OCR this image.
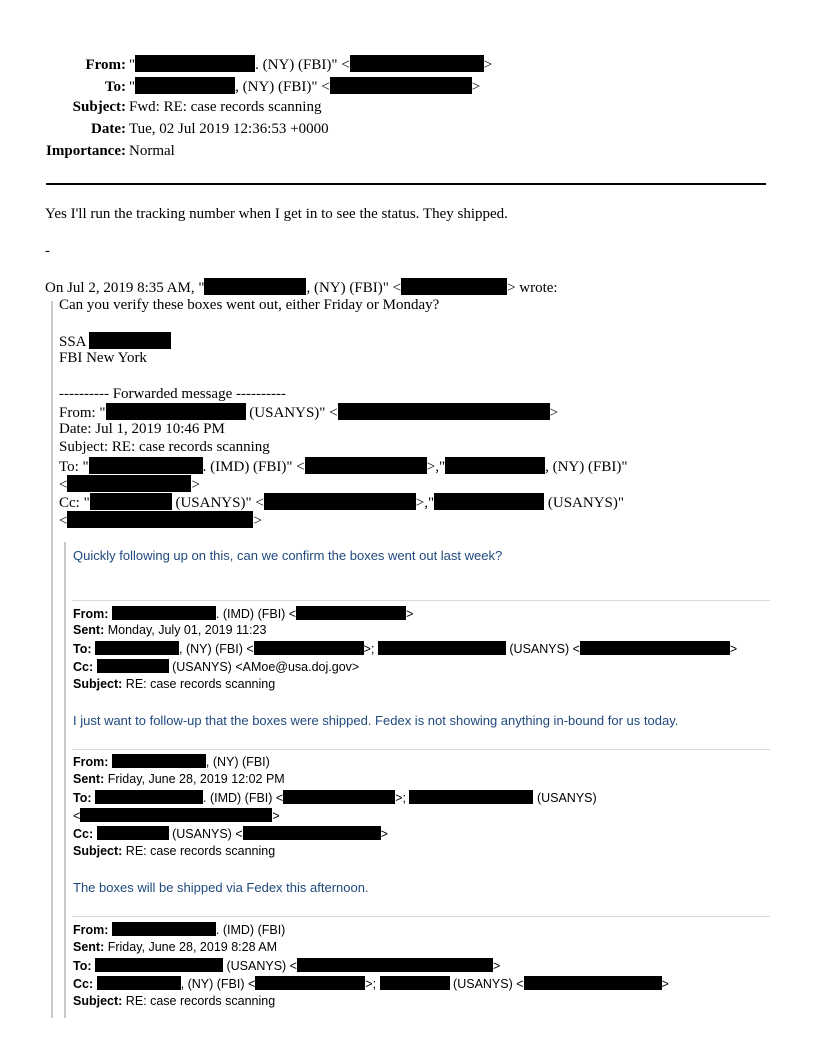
From: "	. (NY) (FBI)" <	>
To: "	, (NY) (FBI)" <	>
Subject: Fwd: RE: case records scanning
Date: Tue, 02 Jul 2019 12:36:53 +0000
Importance: Normal
Yes I'll run the tracking number when I get in to see the status. They shipped.
-
On Jul 2, 2019 8:35 AM, "	, (NY) (FBI)" <	> wrote:
Can you verify these boxes went out, either Friday or Monday?
SSA
FBI New York
---------- Forwarded message ----------
From: "	(USANYS)" <	>
Date: Jul 1, 2019 10:46 PM
Subject: RE: case records scanning
To: "	. (IMD) (FBI)" <	>,"	, (NY) (FBI)"
<	>
Cc: "	(USANYS)" <	>,"	(USANYS)"
<	>
Quickly following up on this, can we confirm the boxes went out last week?
From:	. (IMD) (FBI) <	>
Sent: Monday, July 01, 2019 11:23
To:	, (NY) (FBI) <	>;	(USANYS) <	>
Cc:	(USANYS) <AMoe@usa.doj.gov>
Subject: RE: case records scanning
I just want to follow-up that the boxes were shipped. Fedex is not showing anything in-bound for us today.
From:	, (NY) (FBI)
Sent: Friday, June 28, 2019 12:02 PM
To:	. (IMD) (FBI) <	>;	(USANYS)
<	>
Cc:	(USANYS) <	>
Subject: RE: case records scanning
The boxes will be shipped via Fedex this afternoon.
From:	. (IMD) (FBI)
Sent: Friday, June 28, 2019 8:28 AM
To:	(USANYS) <	>
Cc:	, (NY) (FBI) <	>;	(USANYS) <	>
Subject: RE: case records scanning
